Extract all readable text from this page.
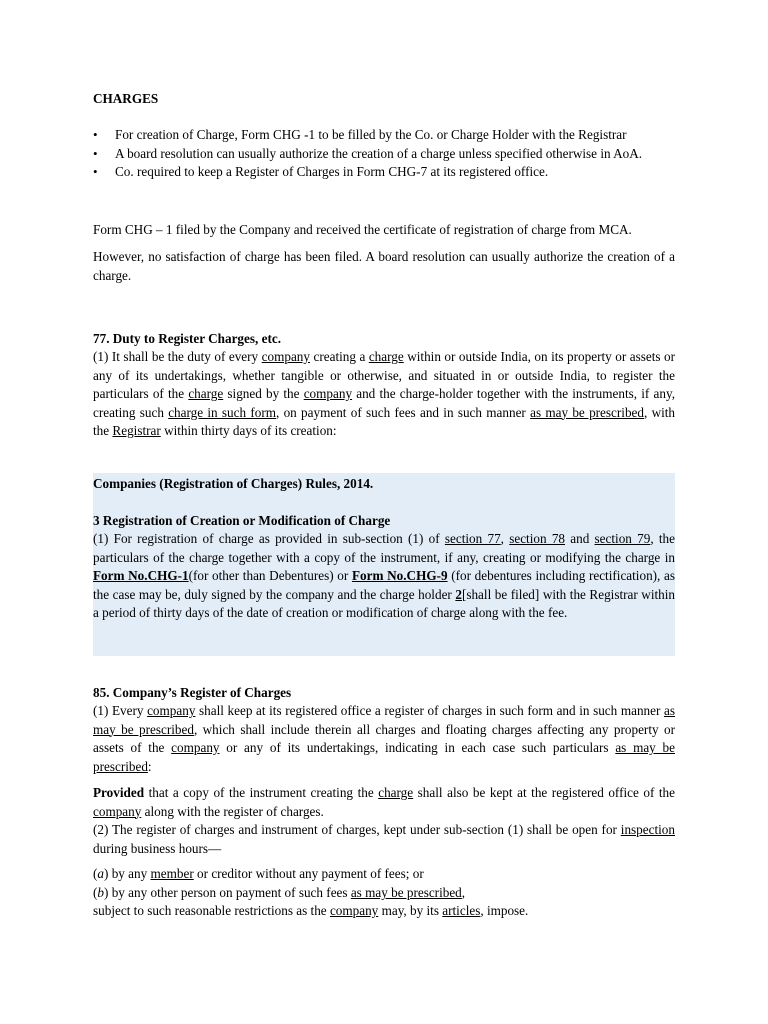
CHARGES
• For creation of Charge, Form CHG -1 to be filled by the Co. or Charge Holder with the Registrar
• A board resolution can usually authorize the creation of a charge unless specified otherwise in AoA.
• Co. required to keep a Register of Charges in Form CHG-7 at its registered office.
Form CHG – 1 filed by the Company and received the certificate of registration of charge from MCA.
However, no satisfaction of charge has been filed. A board resolution can usually authorize the creation of a charge.
77. Duty to Register Charges, etc.
(1) It shall be the duty of every company creating a charge within or outside India, on its property or assets or any of its undertakings, whether tangible or otherwise, and situated in or outside India, to register the particulars of the charge signed by the company and the charge-holder together with the instruments, if any, creating such charge in such form, on payment of such fees and in such manner as may be prescribed, with the Registrar within thirty days of its creation:
Companies (Registration of Charges) Rules, 2014.
3 Registration of Creation or Modification of Charge
(1) For registration of charge as provided in sub-section (1) of section 77, section 78 and section 79, the particulars of the charge together with a copy of the instrument, if any, creating or modifying the charge in Form No.CHG-1(for other than Debentures) or Form No.CHG-9 (for debentures including rectification), as the case may be, duly signed by the company and the charge holder 2[shall be filed] with the Registrar within a period of thirty days of the date of creation or modification of charge along with the fee.
85. Company’s Register of Charges
(1) Every company shall keep at its registered office a register of charges in such form and in such manner as may be prescribed, which shall include therein all charges and floating charges affecting any property or assets of the company or any of its undertakings, indicating in each case such particulars as may be prescribed:
Provided that a copy of the instrument creating the charge shall also be kept at the registered office of the company along with the register of charges.
(2) The register of charges and instrument of charges, kept under sub-section (1) shall be open for inspection during business hours—
(a) by any member or creditor without any payment of fees; or
(b) by any other person on payment of such fees as may be prescribed,
subject to such reasonable restrictions as the company may, by its articles, impose.
